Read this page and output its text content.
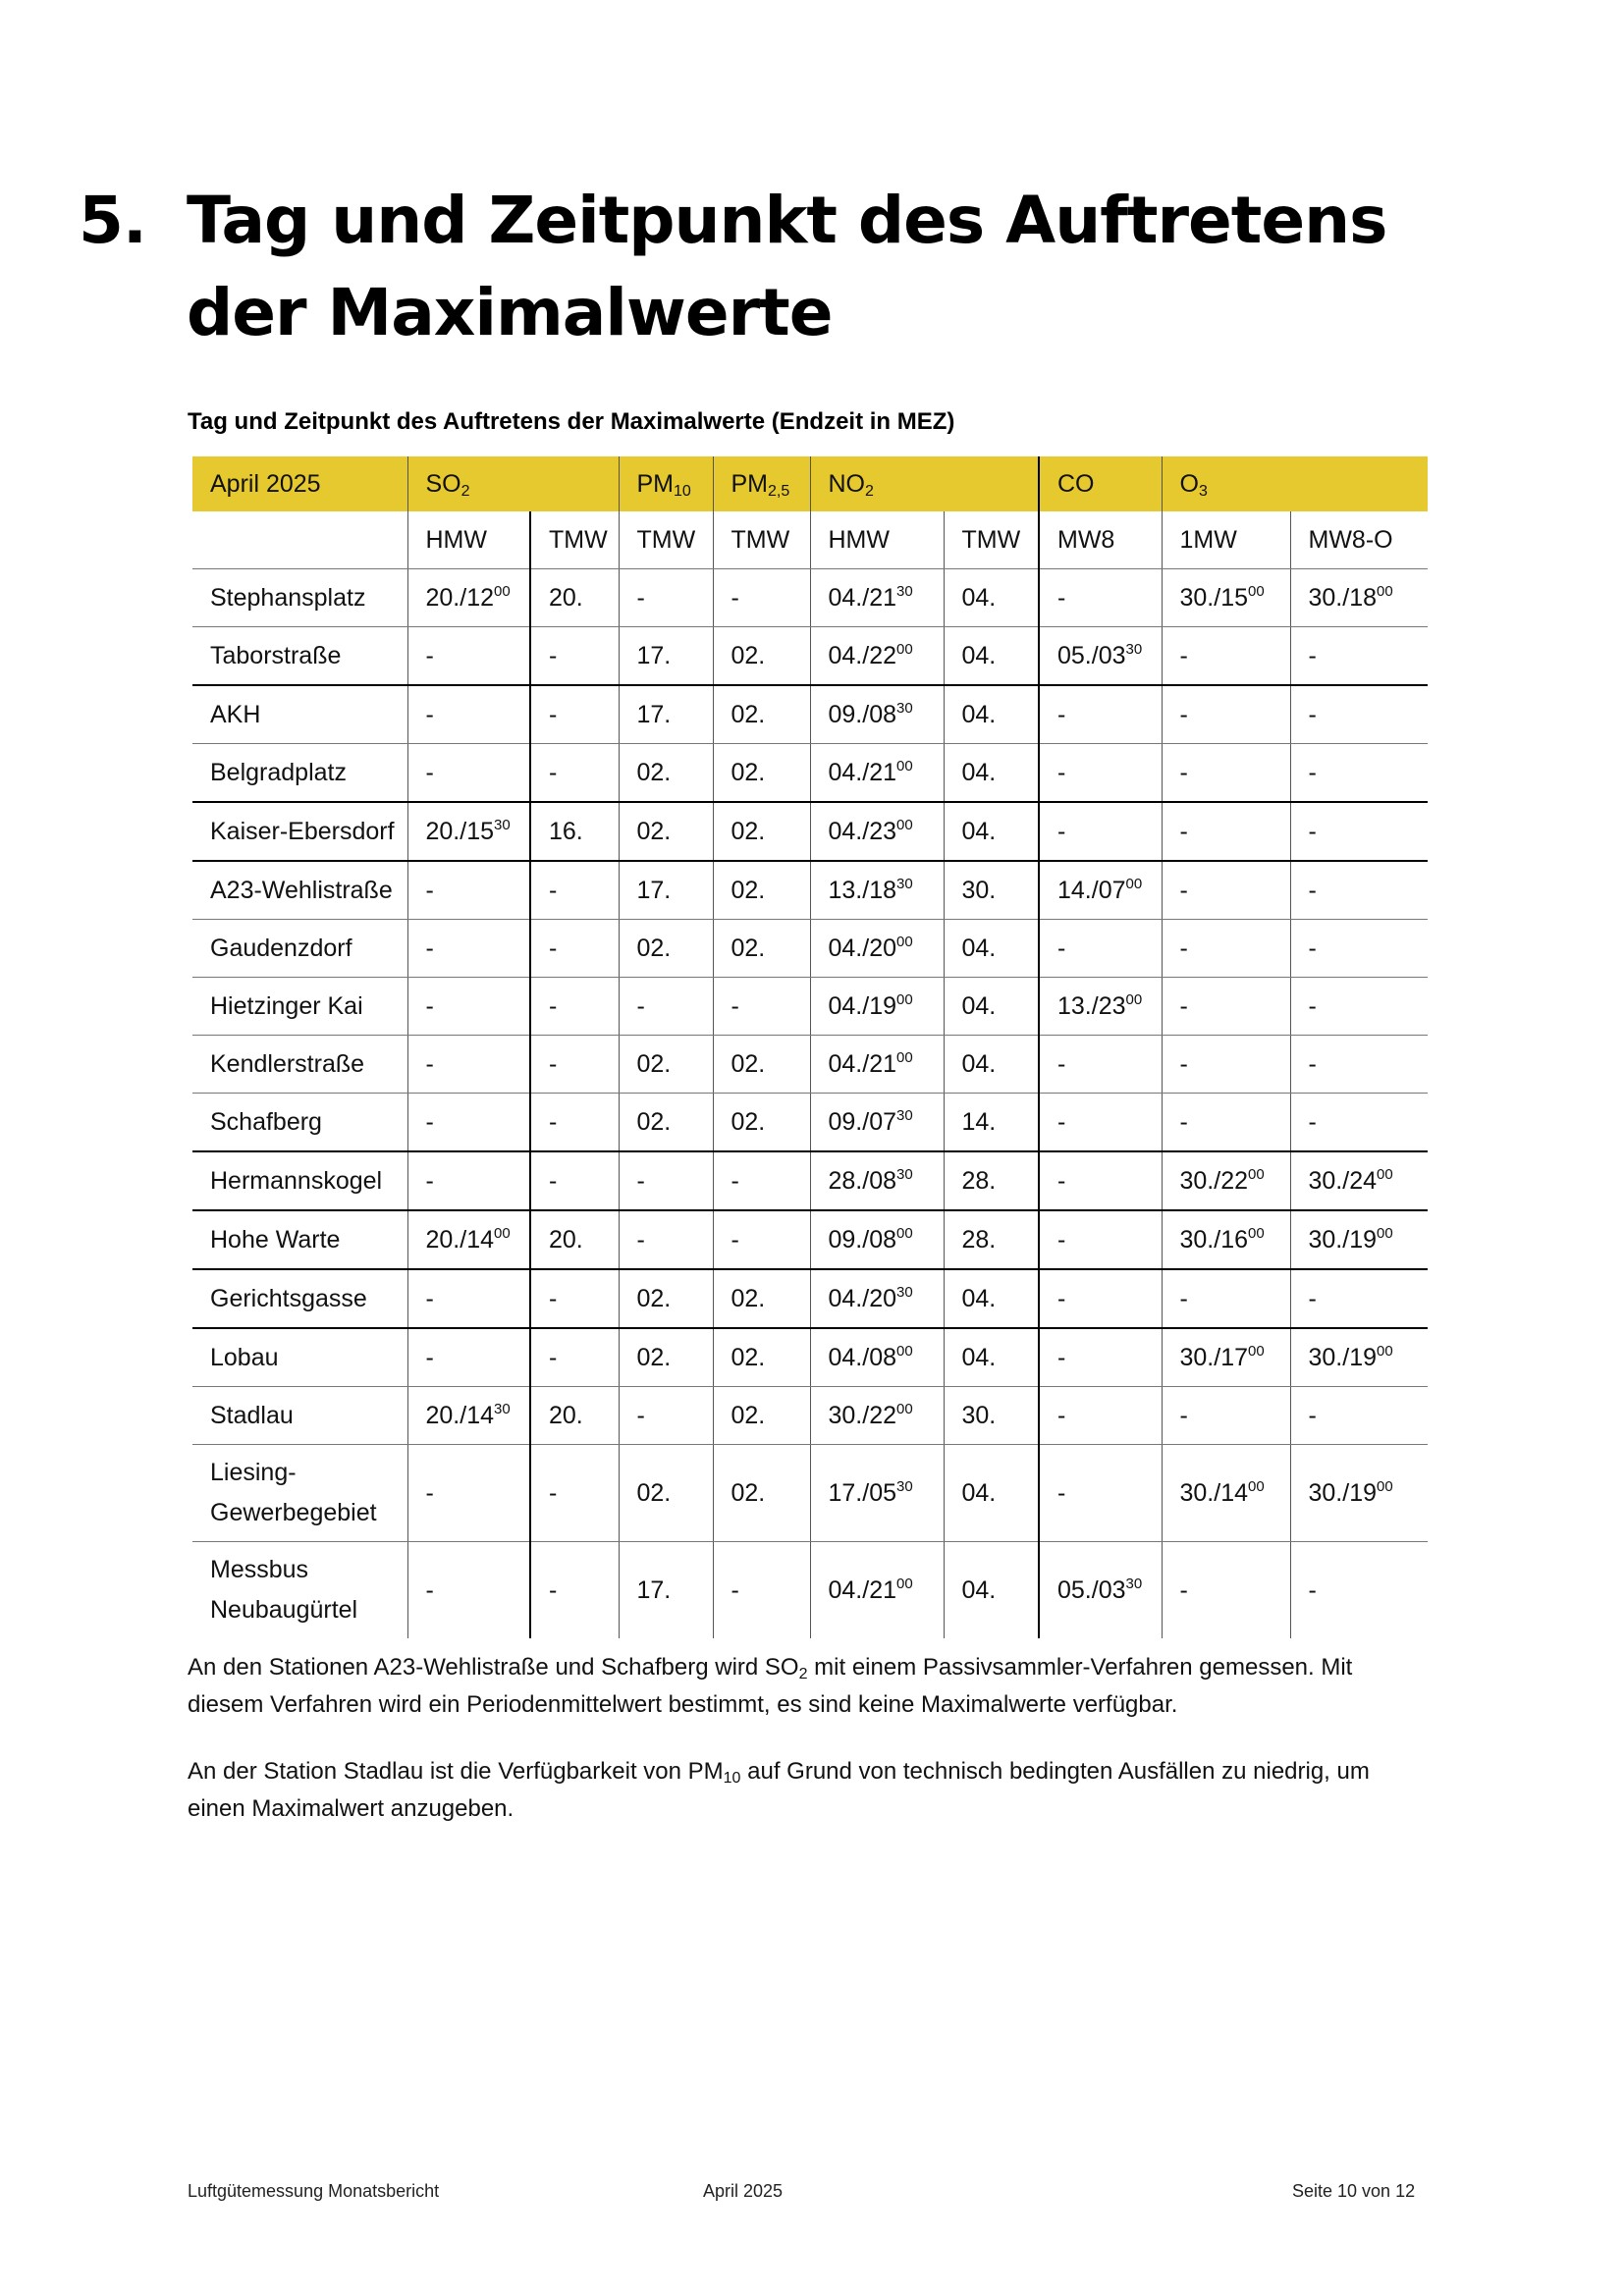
5. Tag und Zeitpunkt des Auftretens der Maximalwerte
Tag und Zeitpunkt des Auftretens der Maximalwerte (Endzeit in MEZ)
April 2025	$SO_2$		$PM_{10}$	$PM_{2,5}$	$NO_2$		CO	$O_3$
	HMW	TMW	TMW	TMW	HMW	TMW	MW8	1MW	MW8-O
Stephansplatz	$20./12^{00}$	20.	-	-	$04./21^{30}$	04.	-	$30./15^{00}$	$30./18^{00}$
Taborstraße	-	-	17.	02.	$04./22^{00}$	04.	$05./03^{30}$	-	-
AKH	-	-	17.	02.	$09./08^{30}$	04.	-	-	-
Belgradplatz	-	-	02.	02.	$04./21^{00}$	04.	-	-	-
Kaiser-Ebersdorf	$20./15^{30}$	16.	02.	02.	$04./23^{00}$	04.	-	-	-
A23-Wehlistraße	-	-	17.	02.	$13./18^{30}$	30.	$14./07^{00}$	-	-
Gaudenzdorf	-	-	02.	02.	$04./20^{00}$	04.	-	-	-
Hietzinger Kai	-	-	-	-	$04./19^{00}$	04.	$13./23^{00}$	-	-
Kendlerstraße	-	-	02.	02.	$04./21^{00}$	04.	-	-	-
Schafberg	-	-	02.	02.	$09./07^{30}$	14.	-	-	-
Hermannskogel	-	-	-	-	$28./08^{30}$	28.	-	$30./22^{00}$	$30./24^{00}$
Hohe Warte	$20./14^{00}$	20.	-	-	$09./08^{00}$	28.	-	$30./16^{00}$	$30./19^{00}$
Gerichtsgasse	-	-	02.	02.	$04./20^{30}$	04.	-	-	-
Lobau	-	-	02.	02.	$04./08^{00}$	04.	-	$30./17^{00}$	$30./19^{00}$
Stadlau	$20./14^{30}$	20.	-	02.	$30./22^{00}$	30.	-	-	-
Liesing-Gewerbegebiet	-	-	02.	02.	$17./05^{30}$	04.	-	$30./14^{00}$	$30./19^{00}$
Messbus Neubaugürtel	-	-	17.	-	$04./21^{00}$	04.	$05./03^{30}$	-	-

An den Stationen A23-Wehlistraße und Schafberg wird $SO_2$ mit einem Passivsammler-Verfahren gemessen. Mit diesem Verfahren wird ein Periodenmittelwert bestimmt, es sind keine Maximalwerte verfügbar.

An der Station Stadlau ist die Verfügbarkeit von $PM_{10}$ auf Grund von technisch bedingten Ausfällen zu niedrig, um einen Maximalwert anzugeben.

Luftgütemessung Monatsbericht	April 2025	Seite 10 von 12
